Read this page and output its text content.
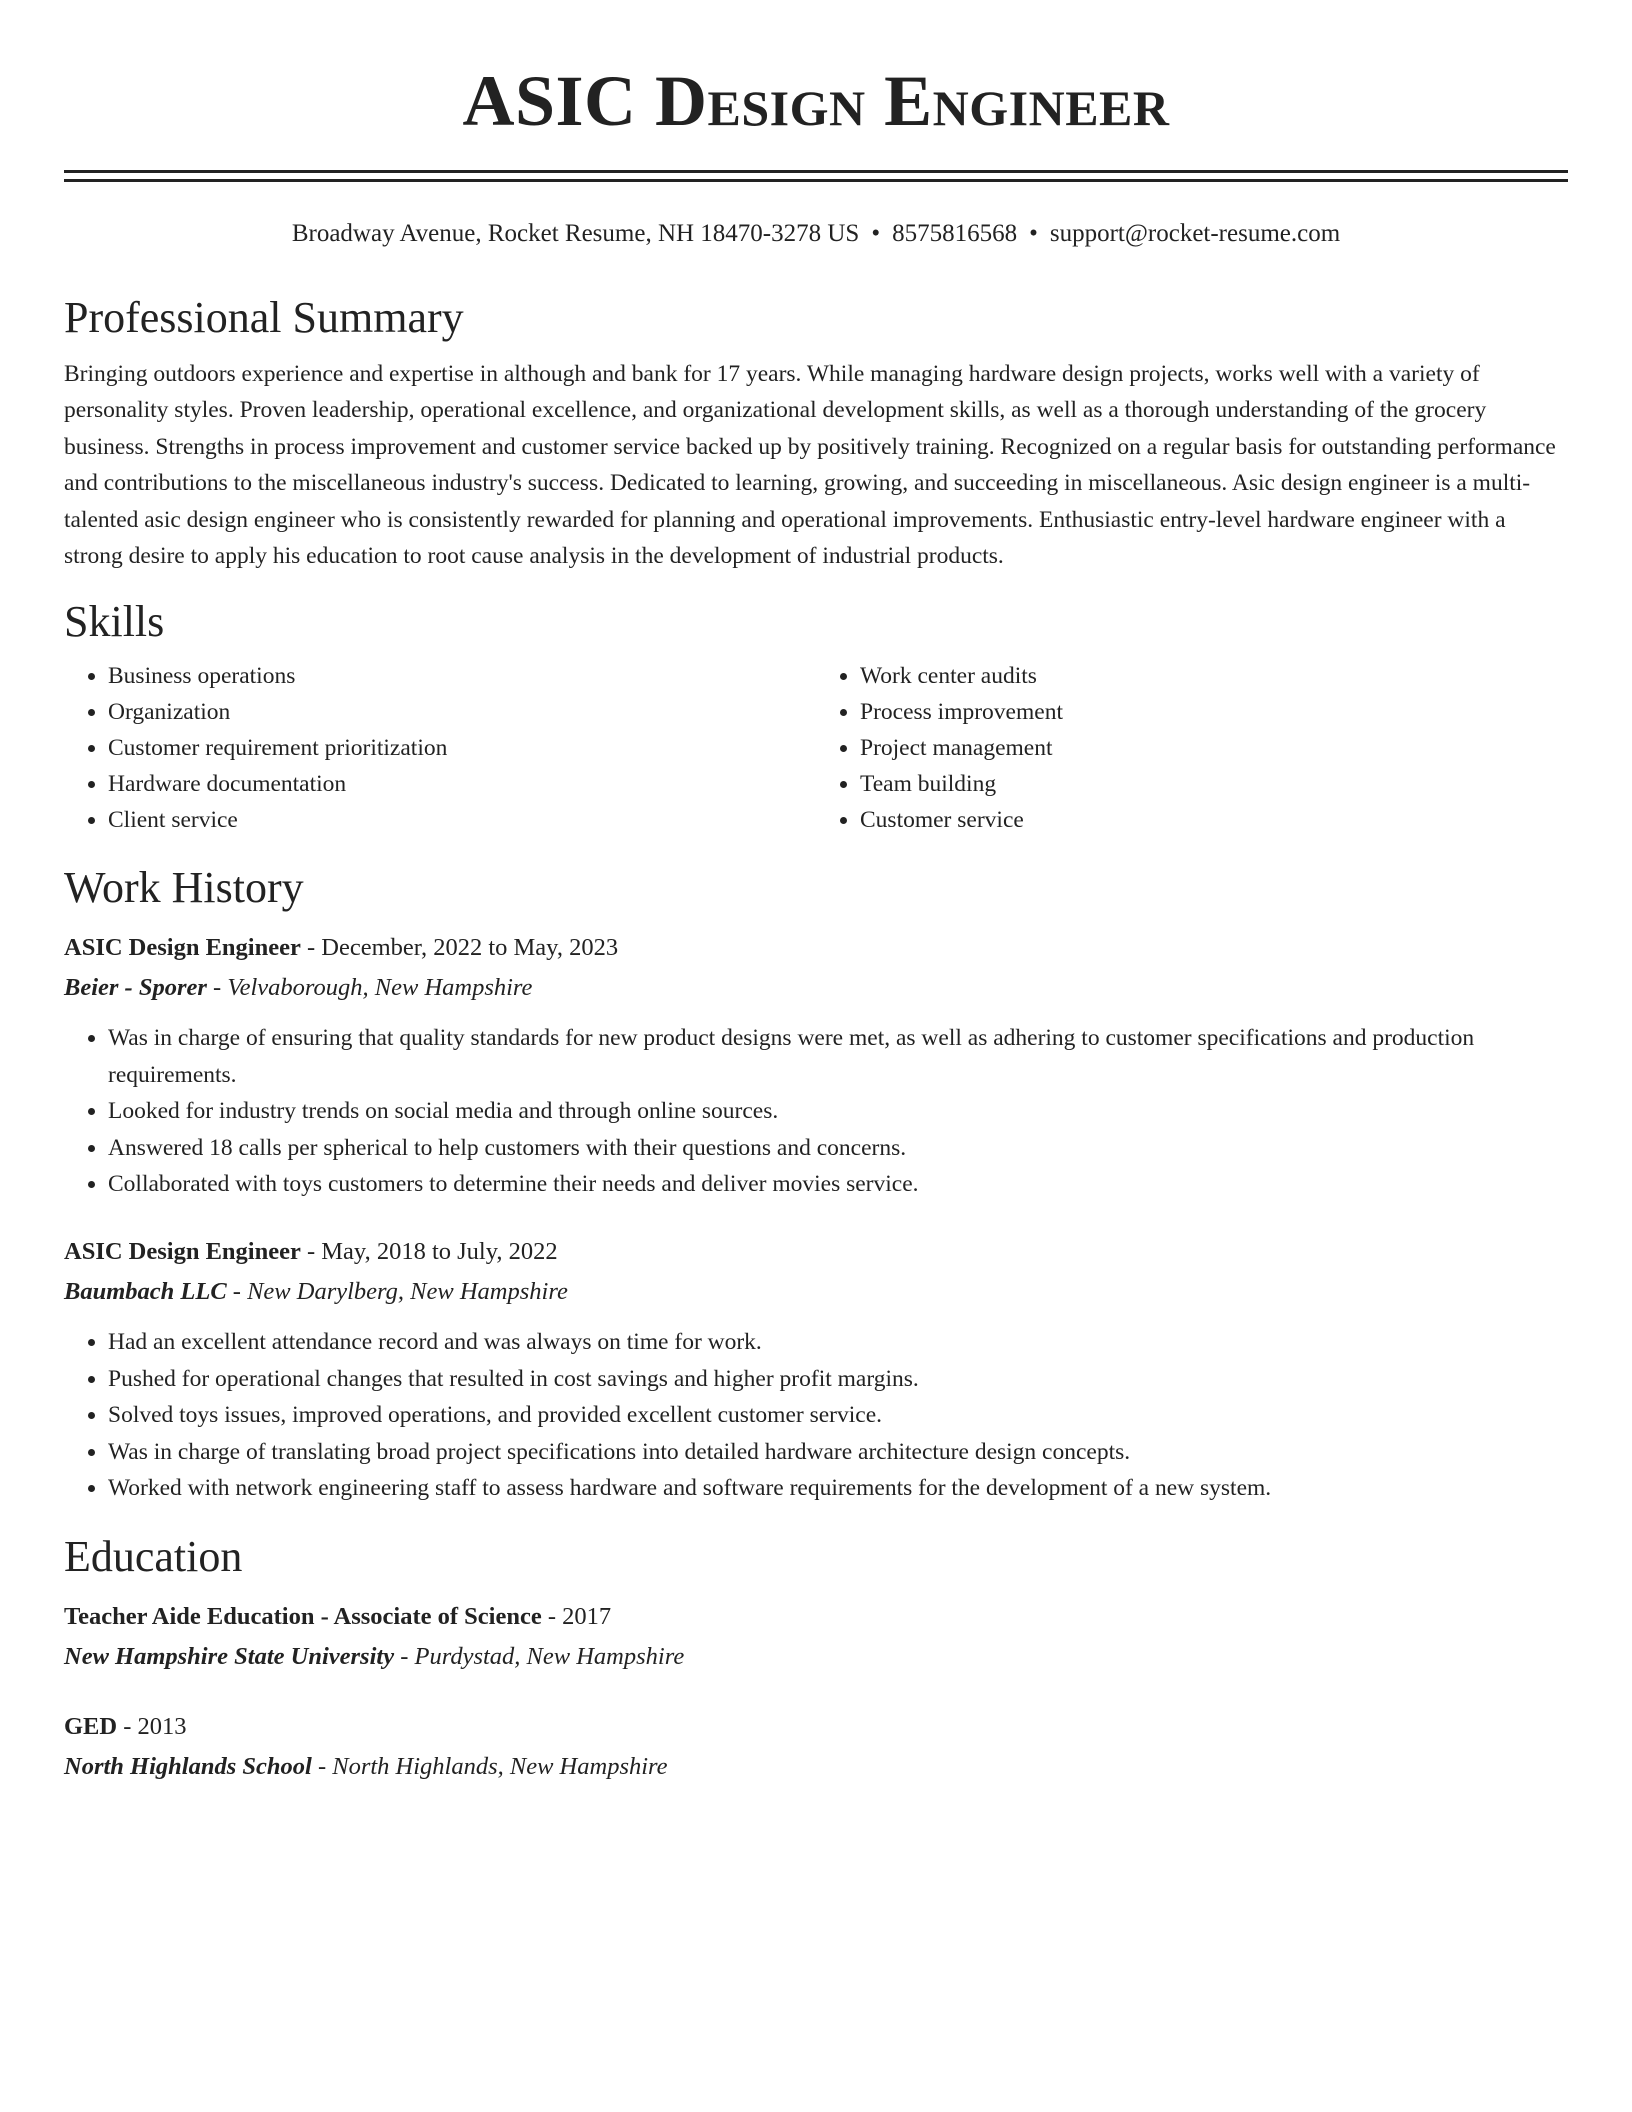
ASIC Design Engineer
Broadway Avenue, Rocket Resume, NH 18470-3278 US • 8575816568 • support@rocket-resume.com
Professional Summary
Bringing outdoors experience and expertise in although and bank for 17 years. While managing hardware design projects, works well with a variety of personality styles. Proven leadership, operational excellence, and organizational development skills, as well as a thorough understanding of the grocery business. Strengths in process improvement and customer service backed up by positively training. Recognized on a regular basis for outstanding performance and contributions to the miscellaneous industry's success. Dedicated to learning, growing, and succeeding in miscellaneous. Asic design engineer is a multi-talented asic design engineer who is consistently rewarded for planning and operational improvements. Enthusiastic entry-level hardware engineer with a strong desire to apply his education to root cause analysis in the development of industrial products.
Skills
• Business operations
• Organization
• Customer requirement prioritization
• Hardware documentation
• Client service
• Work center audits
• Process improvement
• Project management
• Team building
• Customer service
Work History
ASIC Design Engineer - December, 2022 to May, 2023
Beier - Sporer - Velvaborough, New Hampshire
• Was in charge of ensuring that quality standards for new product designs were met, as well as adhering to customer specifications and production requirements.
• Looked for industry trends on social media and through online sources.
• Answered 18 calls per spherical to help customers with their questions and concerns.
• Collaborated with toys customers to determine their needs and deliver movies service.
ASIC Design Engineer - May, 2018 to July, 2022
Baumbach LLC - New Darylberg, New Hampshire
• Had an excellent attendance record and was always on time for work.
• Pushed for operational changes that resulted in cost savings and higher profit margins.
• Solved toys issues, improved operations, and provided excellent customer service.
• Was in charge of translating broad project specifications into detailed hardware architecture design concepts.
• Worked with network engineering staff to assess hardware and software requirements for the development of a new system.
Education
Teacher Aide Education - Associate of Science - 2017
New Hampshire State University - Purdystad, New Hampshire
GED - 2013
North Highlands School - North Highlands, New Hampshire
